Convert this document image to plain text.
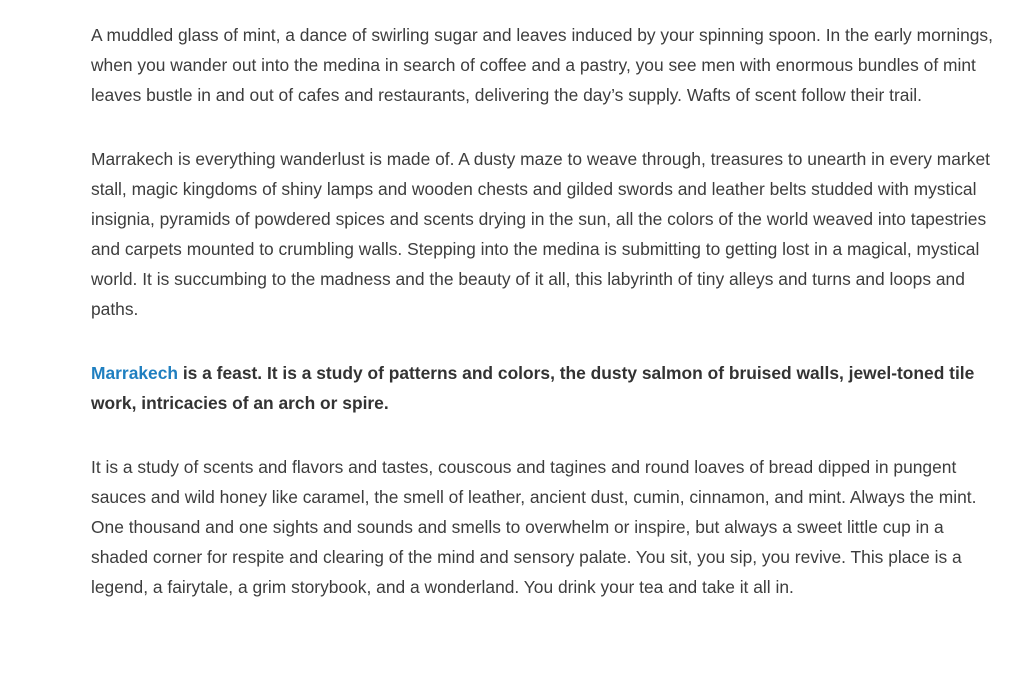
A muddled glass of mint, a dance of swirling sugar and leaves induced by your spinning spoon. In the early mornings, when you wander out into the medina in search of coffee and a pastry, you see men with enormous bundles of mint leaves bustle in and out of cafes and restaurants, delivering the day’s supply. Wafts of scent follow their trail.

Marrakech is everything wanderlust is made of. A dusty maze to weave through, treasures to unearth in every market stall, magic kingdoms of shiny lamps and wooden chests and gilded swords and leather belts studded with mystical insignia, pyramids of powdered spices and scents drying in the sun, all the colors of the world weaved into tapestries and carpets mounted to crumbling walls. Stepping into the medina is submitting to getting lost in a magical, mystical world. It is succumbing to the madness and the beauty of it all, this labyrinth of tiny alleys and turns and loops and paths.

Marrakech is a feast. It is a study of patterns and colors, the dusty salmon of bruised walls, jewel-toned tile work, intricacies of an arch or spire.

It is a study of scents and flavors and tastes, couscous and tagines and round loaves of bread dipped in pungent sauces and wild honey like caramel, the smell of leather, ancient dust, cumin, cinnamon, and mint. Always the mint. One thousand and one sights and sounds and smells to overwhelm or inspire, but always a sweet little cup in a shaded corner for respite and clearing of the mind and sensory palate. You sit, you sip, you revive. This place is a legend, a fairytale, a grim storybook, and a wonderland. You drink your tea and take it all in.
